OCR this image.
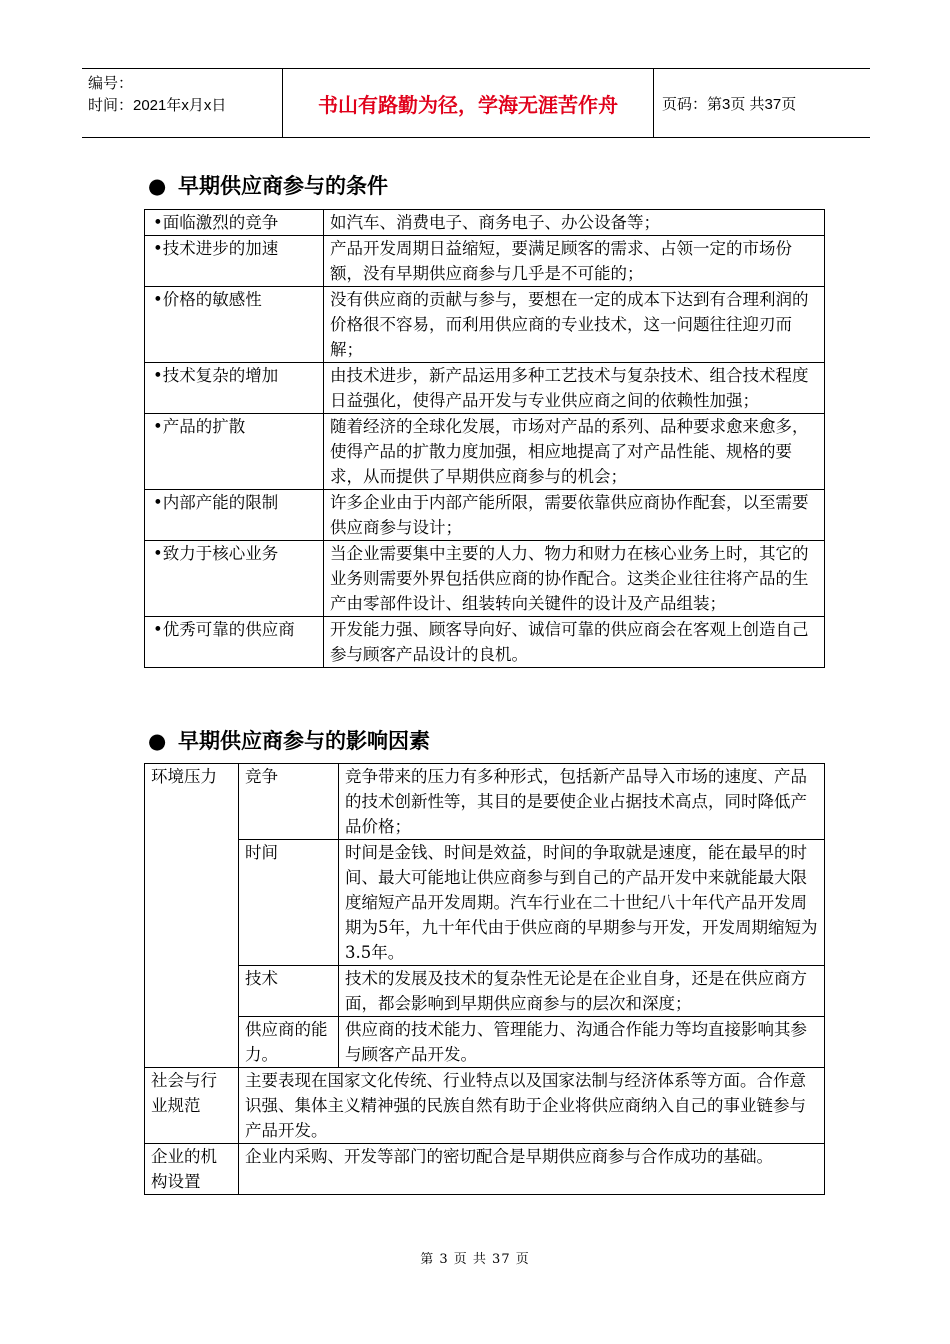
编号：
时间：2021年x月x日	书山有路勤为径，学海无涯苦作舟	页码：第3页 共37页
● 早期供应商参与的条件
•面临激烈的竞争	如汽车、消费电子、商务电子、办公设备等；
•技术进步的加速	产品开发周期日益缩短，要满足顾客的需求、占领一定的市场份额，没有早期供应商参与几乎是不可能的；
•价格的敏感性	没有供应商的贡献与参与，要想在一定的成本下达到有合理利润的价格很不容易，而利用供应商的专业技术，这一问题往往迎刃而解；
•技术复杂的增加	由技术进步，新产品运用多种工艺技术与复杂技术、组合技术程度日益强化，使得产品开发与专业供应商之间的依赖性加强；
•产品的扩散	随着经济的全球化发展，市场对产品的系列、品种要求愈来愈多，使得产品的扩散力度加强，相应地提高了对产品性能、规格的要求，从而提供了早期供应商参与的机会；
•内部产能的限制	许多企业由于内部产能所限，需要依靠供应商协作配套，以至需要供应商参与设计；
•致力于核心业务	当企业需要集中主要的人力、物力和财力在核心业务上时，其它的业务则需要外界包括供应商的协作配合。这类企业往往将产品的生产由零部件设计、组装转向关键件的设计及产品组装；
•优秀可靠的供应商	开发能力强、顾客导向好、诚信可靠的供应商会在客观上创造自己参与顾客产品设计的良机。
● 早期供应商参与的影响因素
环境压力	竞争	竞争带来的压力有多种形式，包括新产品导入市场的速度、产品的技术创新性等，其目的是要使企业占据技术高点，同时降低产品价格；
	时间	时间是金钱、时间是效益，时间的争取就是速度，能在最早的时间、最大可能地让供应商参与到自己的产品开发中来就能最大限度缩短产品开发周期。汽车行业在二十世纪八十年代产品开发周期为5年，九十年代由于供应商的早期参与开发，开发周期缩短为3.5年。
	技术	技术的发展及技术的复杂性无论是在企业自身，还是在供应商方面，都会影响到早期供应商参与的层次和深度；
	供应商的能力。	供应商的技术能力、管理能力、沟通合作能力等均直接影响其参与顾客产品开发。
社会与行业规范	主要表现在国家文化传统、行业特点以及国家法制与经济体系等方面。合作意识强、集体主义精神强的民族自然有助于企业将供应商纳入自己的事业链参与产品开发。	
企业的机构设置	企业内采购、开发等部门的密切配合是早期供应商参与合作成功的基础。	
第 3 页 共 37 页
